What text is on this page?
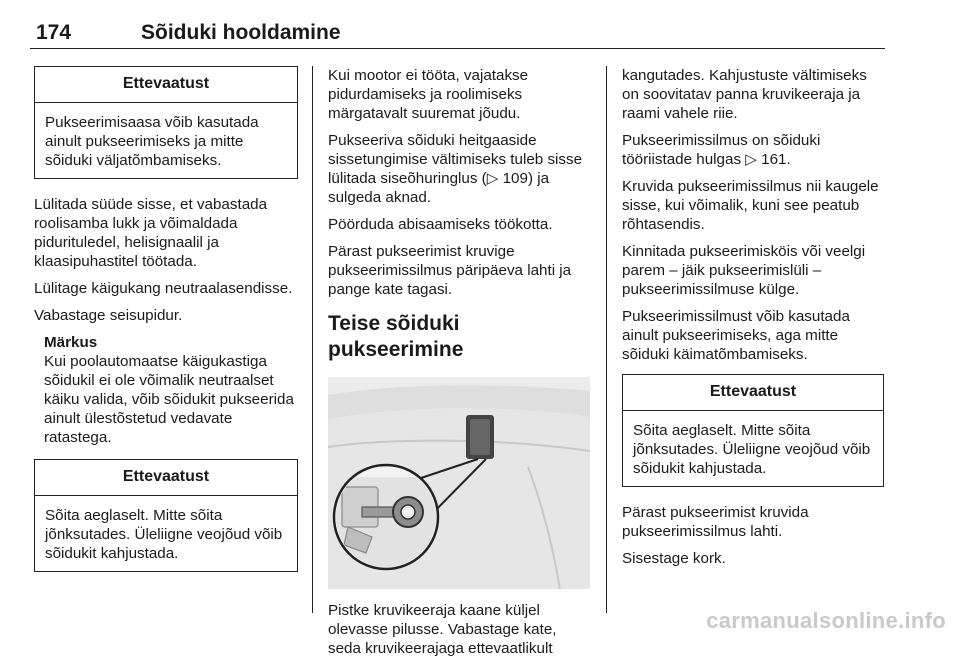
174	Sõiduki hooldamine
Ettevaatust
Pukseerimisaasa võib kasutada ainult pukseerimiseks ja mitte sõiduki väljatõmbamiseks.

Lülitada süüde sisse, et vabastada roolisamba lukk ja võimaldada pidurituledel, helisignaalil ja klaasipuhastitel töötada.

Lülitage käigukang neutraalasendisse.

Vabastage seisupidur.

Märkus
Kui poolautomaatse käigukastiga sõidukil ei ole võimalik neutraalset käiku valida, võib sõidukit pukseerida ainult ülestõstetud vedavate ratastega.
Ettevaatust
Sõita aeglaselt. Mitte sõita jõnksutades. Üleliigne veojõud võib sõidukit kahjustada.

Kui mootor ei tööta, vajatakse pidurdamiseks ja roolimiseks märgatavalt suuremat jõudu.

Pukseeriva sõiduki heitgaaside sissetungimise vältimiseks tuleb sisse lülitada siseõhuringlus (▷ 109) ja sulgeda aknad.

Pöörduda abisaamiseks töökotta.

Pärast pukseerimist kruvige pukseerimissilmus päripäeva lahti ja pange kate tagasi.

Teise sõiduki pukseerimine

Pistke kruvikeeraja kaane küljel olevasse pilusse. Vabastage kate, seda kruvikeerajaga ettevaatlikult

kangutades. Kahjustuste vältimiseks on soovitatav panna kruvikeeraja ja raami vahele riie.

Pukseerimissilmus on sõiduki tööriistade hulgas ▷ 161.

Kruvida pukseerimissilmus nii kaugele sisse, kui võimalik, kuni see peatub rõhtasendis.

Kinnitada pukseerimisköis või veelgi parem – jäik pukseerimislüli – pukseerimissilmuse külge.

Pukseerimissilmust võib kasutada ainult pukseerimiseks, aga mitte sõiduki käimatõmbamiseks.

Ettevaatust
Sõita aeglaselt. Mitte sõita jõnksutades. Üleliigne veojõud võib sõidukit kahjustada.

Pärast pukseerimist kruvida pukseerimissilmus lahti.

Sisestage kork.

carmanualsonline.info
